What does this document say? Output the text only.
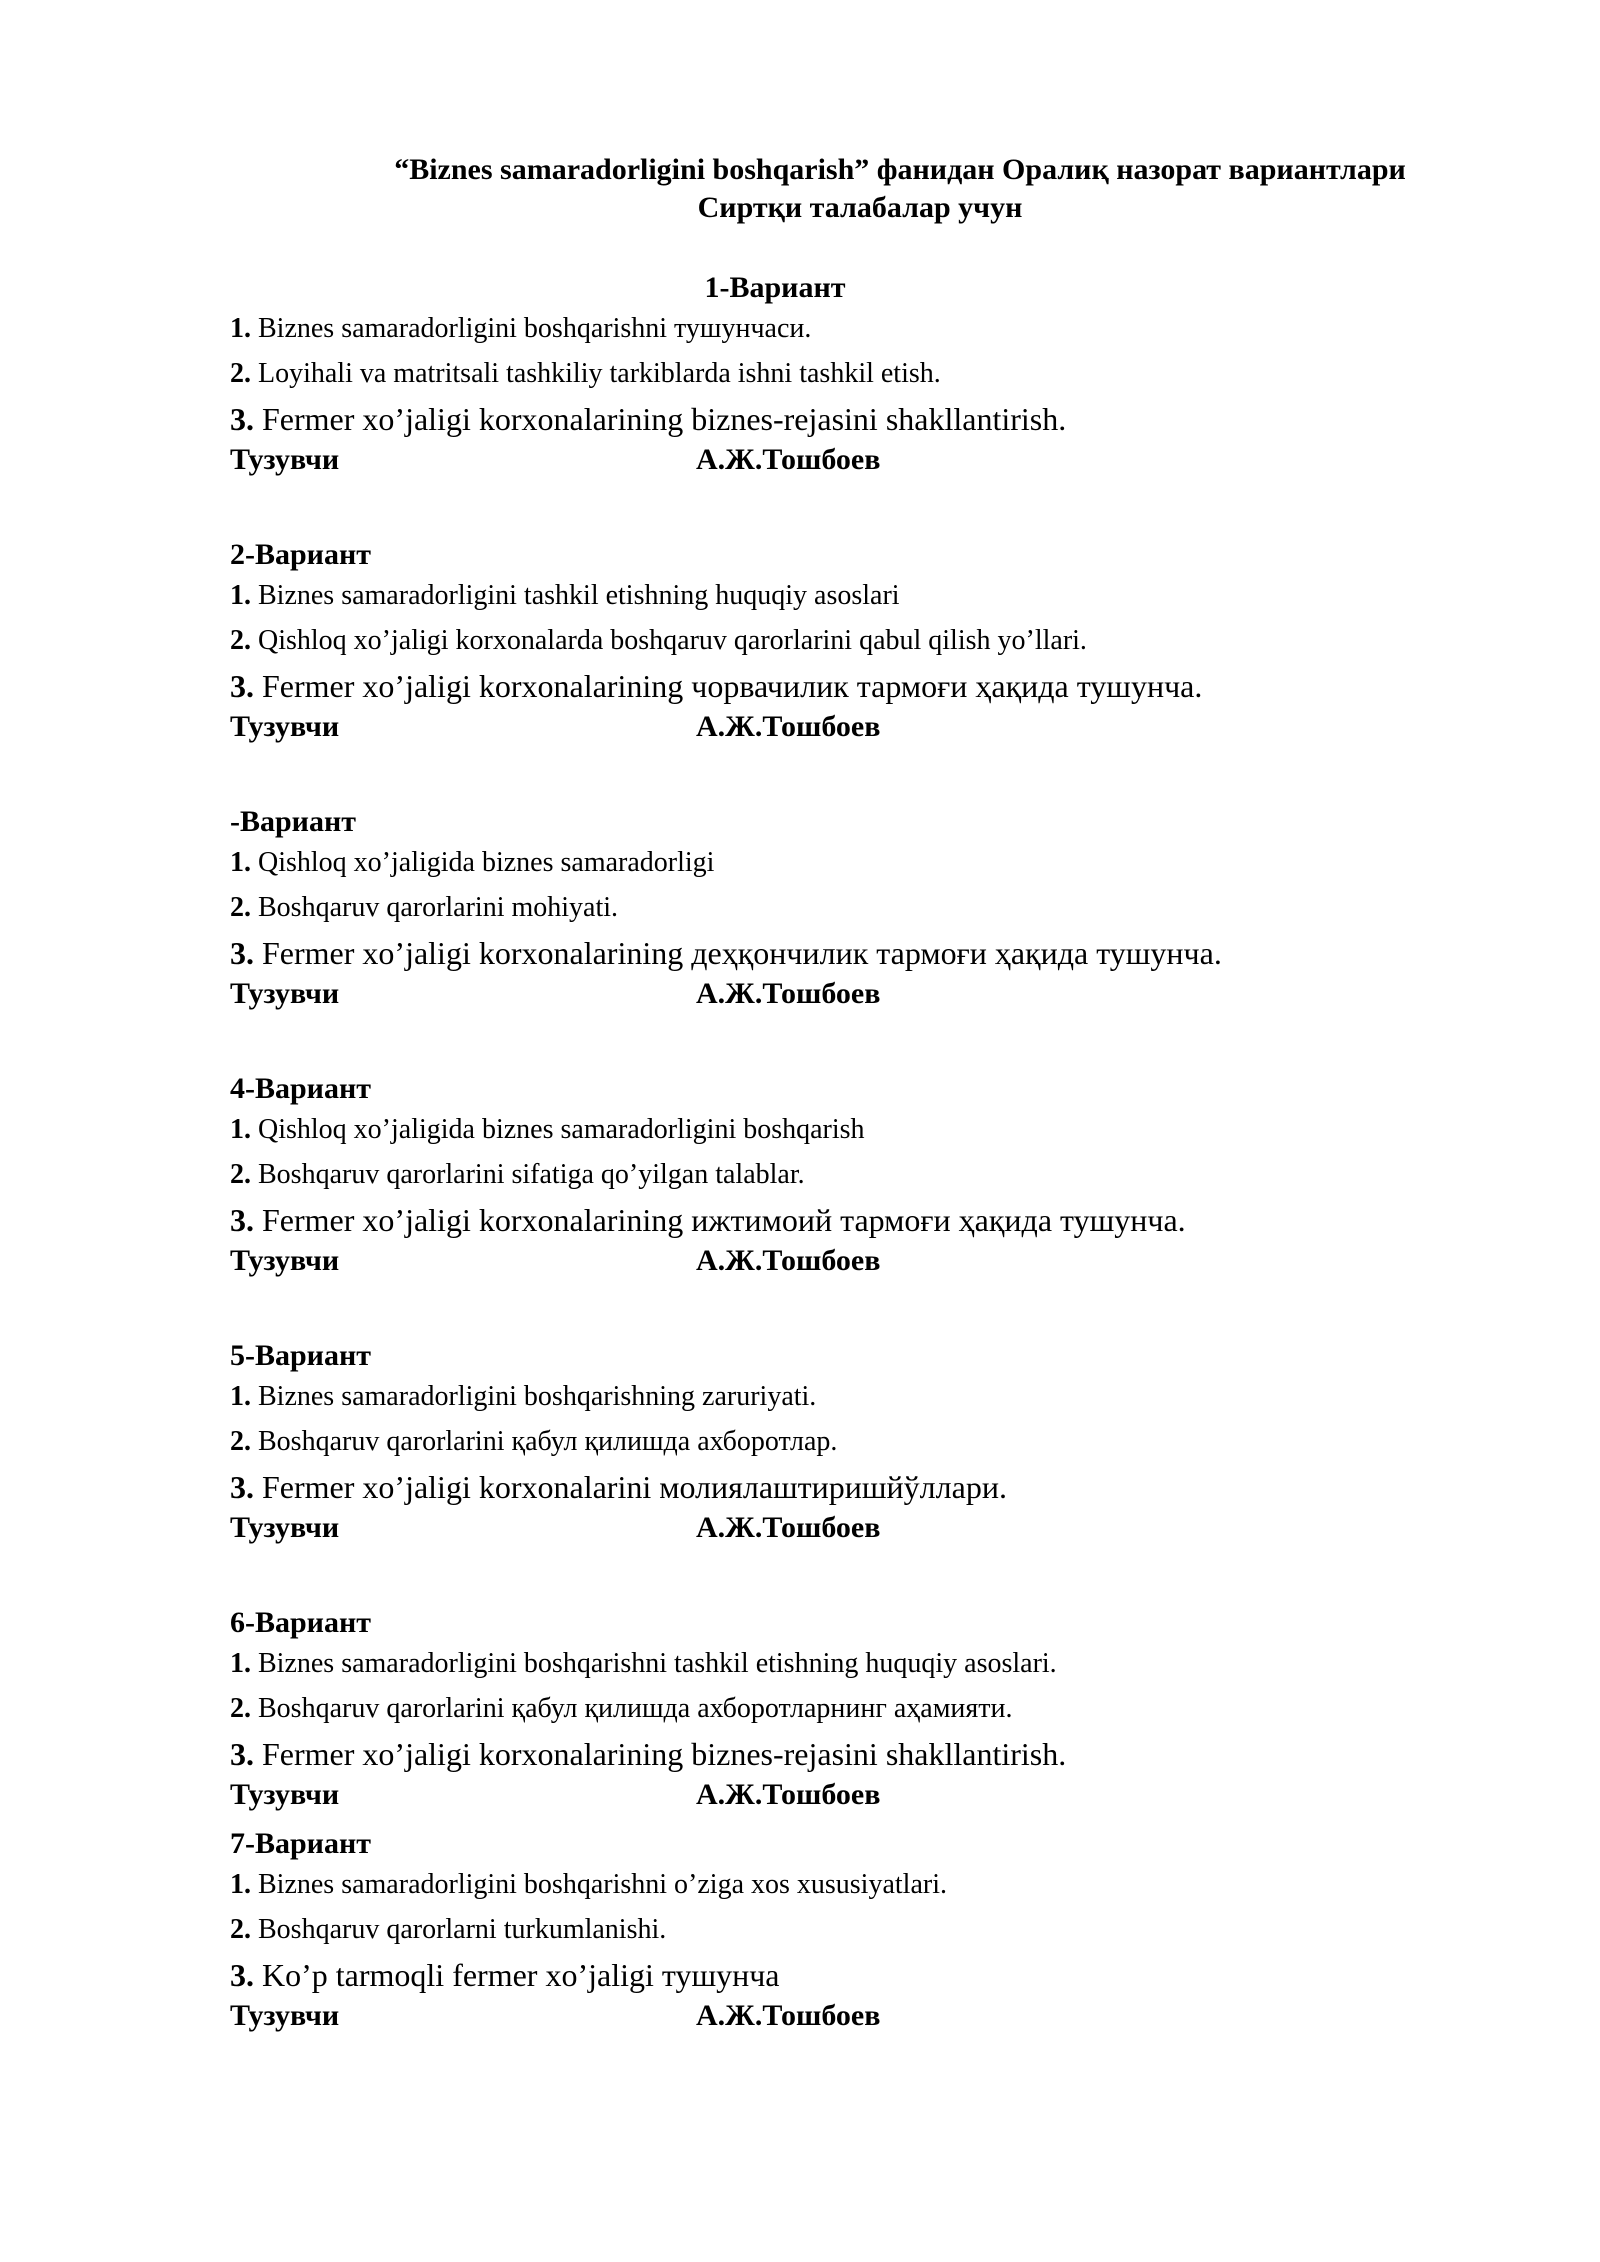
“Biznes samaradorligini boshqarish” фанидан Оралиқ назорат вариантлари
Сиртқи талабалар учун
1-Вариант
1. Biznes samaradorligini boshqarishni тушунчаси.
2. Loyihali va matritsali tashkiliy tarkiblarda ishni tashkil etish.
3. Fermer xo’jaligi korxonalarining biznes-rejasini shakllantirish.
Тузувчи	А.Ж.Тошбоев
2-Вариант
1. Biznes samaradorligini tashkil etishning huquqiy asoslari
2. Qishloq xo’jaligi korxonalarda boshqaruv qarorlarini qabul qilish yo’llari.
3. Fermer xo’jaligi korxonalarining чорвачилик тармоғи ҳақида тушунча.
Тузувчи	А.Ж.Тошбоев
-Вариант
1. Qishloq xo’jaligida biznes samaradorligi
2. Boshqaruv qarorlarini mohiyati.
3. Fermer xo’jaligi korxonalarining деҳқончилик тармоғи ҳақида тушунча.
Тузувчи	А.Ж.Тошбоев
4-Вариант
1. Qishloq xo’jaligida biznes samaradorligini boshqarish
2. Boshqaruv qarorlarini sifatiga qo’yilgan talablar.
3. Fermer xo’jaligi korxonalarining ижтимоий тармоғи ҳақида тушунча.
Тузувчи	А.Ж.Тошбоев
5-Вариант
1. Biznes samaradorligini boshqarishning zaruriyati.
2. Boshqaruv qarorlarini қабул қилишда ахборотлар.
3. Fermer xo’jaligi korxonalarini молиялаштиришйўллари.
Тузувчи	А.Ж.Тошбоев
6-Вариант
1. Biznes samaradorligini boshqarishni tashkil etishning huquqiy asoslari.
2. Boshqaruv qarorlarini қабул қилишда ахборотларнинг аҳамияти.
3. Fermer xo’jaligi korxonalarining biznes-rejasini shakllantirish.
Тузувчи	А.Ж.Тошбоев
7-Вариант
1. Biznes samaradorligini boshqarishni o’ziga xos xususiyatlari.
2. Boshqaruv qarorlarni turkumlanishi.
3. Ko’p tarmoqli fermer xo’jaligi тушунча
Тузувчи	А.Ж.Тошбоев
